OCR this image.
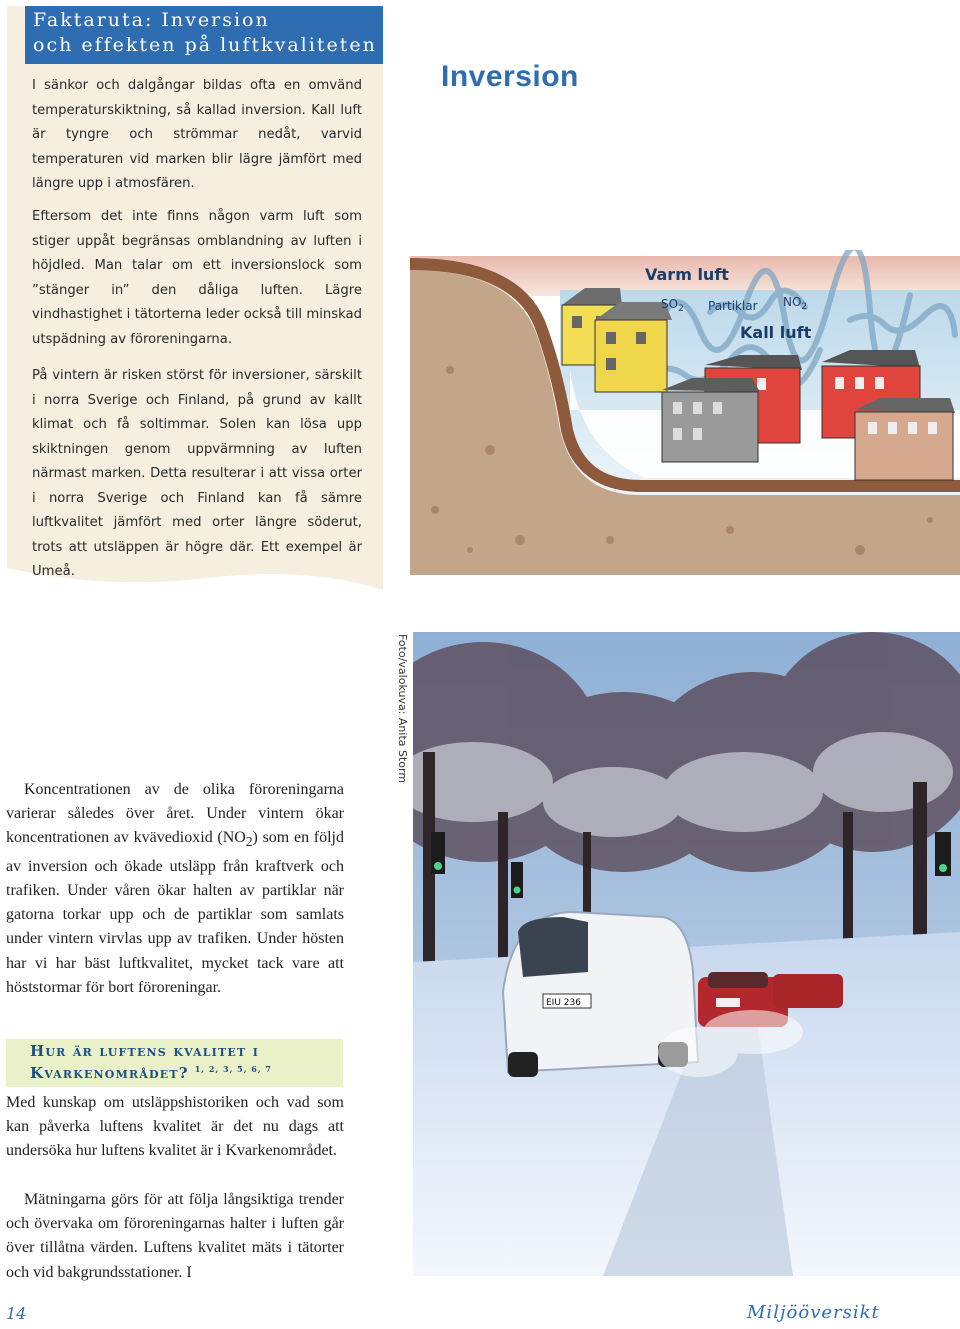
Faktaruta: Inversion
och effekten på luftkvaliteten

I sänkor och dalgångar bildas ofta en omvänd temperaturskiktning, så kallad inversion. Kall luft är tyngre och strömmar nedåt, varvid temperaturen vid marken blir lägre jämfört med längre upp i atmosfären.

Eftersom det inte finns någon varm luft som stiger uppåt begränsas omblandning av luften i höjdled. Man talar om ett inversionslock som ”stänger in” den dåliga luften. Lägre vindhastighet i tätorterna leder också till minskad utspädning av föroreningarna.

På vintern är risken störst för inversioner, särskilt i norra Sverige och Finland, på grund av kallt klimat och få soltimmar. Solen kan lösa upp skiktningen genom uppvärmning av luften närmast marken. Detta resulterar i att vissa orter i norra Sverige och Finland kan få sämre luftkvalitet jämfört med orter längre söderut, trots att utsläppen är högre där. Ett exempel är Umeå.

Inversion
Varm luft
$SO_2$ Partiklar $NO_2$
Kall luft

Koncentrationen av de olika föroreningarna varierar således över året. Under vintern ökar koncentrationen av kvävedioxid $(NO_2)$ som en följd av inversion och ökade utsläpp från kraftverk och trafiken. Under våren ökar halten av partiklar när gatorna torkar upp och de partiklar som samlats under vintern virvlas upp av trafiken. Under hösten har vi har bäst luftkvalitet, mycket tack vare att höststormar för bort föroreningar.

Hur är luftens kvalitet i
Kvarkenområdet? $^{1, 2, 3, 5, 6, 7}$

Med kunskap om utsläppshistoriken och vad som kan påverka luftens kvalitet är det nu dags att undersöka hur luftens kvalitet är i Kvarkenområdet.

Mätningarna görs för att följa långsiktiga trender och övervaka om föroreningarnas halter i luften går över tillåtna värden. Luftens kvalitet mäts i tätorter och vid bakgrundsstationer. I

Foto/valokuva: Anita Storm
EIU 236
14	Miljööversikt
